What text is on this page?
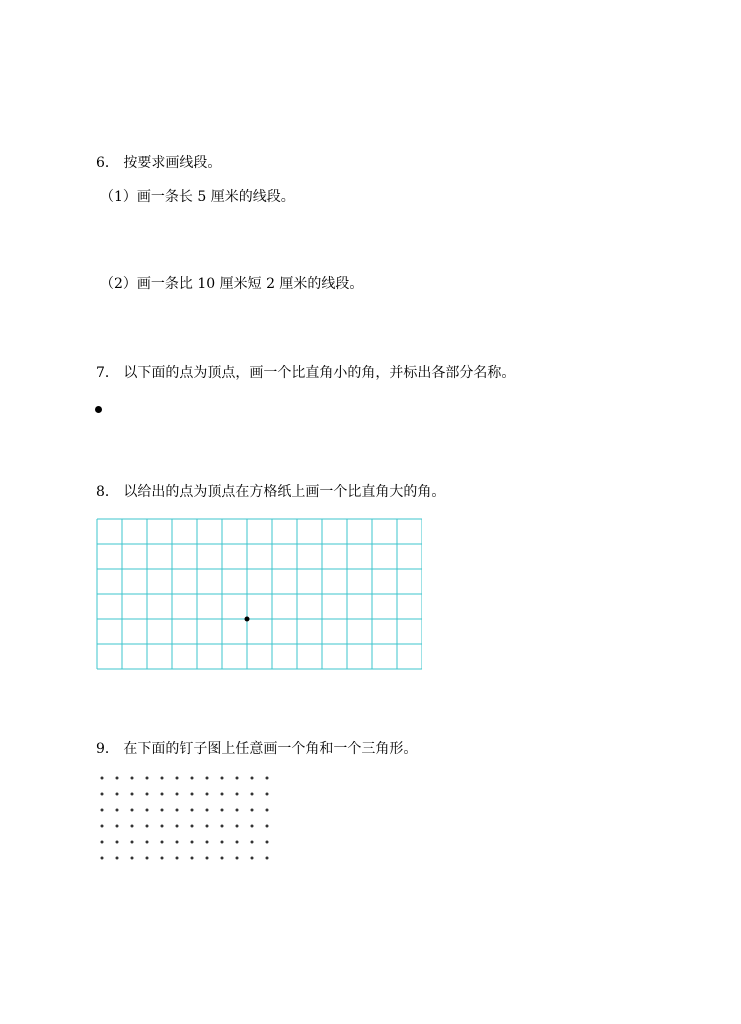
6． 按要求画线段。
（1）画一条长 5 厘米的线段。
（2）画一条比 10 厘米短 2 厘米的线段。
7． 以下面的点为顶点，画一个比直角小的角，并标出各部分名称。
8． 以给出的点为顶点在方格纸上画一个比直角大的角。
9． 在下面的钉子图上任意画一个角和一个三角形。
